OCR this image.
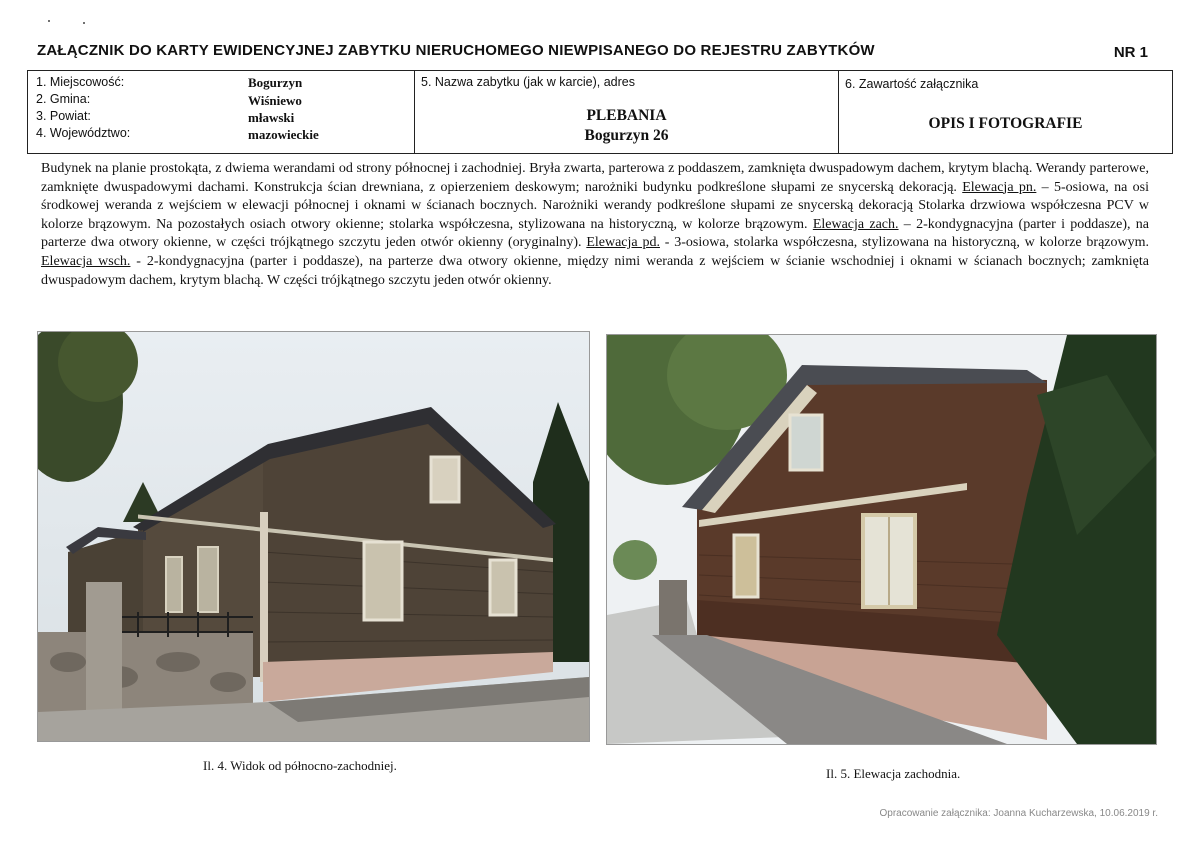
ZAŁĄCZNIK DO KARTY EWIDENCYJNEJ ZABYTKU NIERUCHOMEGO NIEWPISANEGO DO REJESTRU ZABYTKÓW	NR 1
1. Miejscowość:
2. Gmina:
3. Powiat:
4. Województwo:
Bogurzyn
Wiśniewo
mławski
mazowieckie
5. Nazwa zabytku (jak w karcie), adres
PLEBANIA
Bogurzyn 26
6. Zawartość załącznika
OPIS I FOTOGRAFIE
Budynek na planie prostokąta, z dwiema werandami od strony północnej i zachodniej. Bryła zwarta, parterowa z poddaszem, zamknięta dwuspadowym dachem, krytym blachą. Werandy parterowe, zamknięte dwuspadowymi dachami. Konstrukcja ścian drewniana, z opierzeniem deskowym; narożniki budynku podkreślone słupami ze snycerską dekoracją. Elewacja pn. – 5-osiowa, na osi środkowej weranda z wejściem w elewacji północnej i oknami w ścianach bocznych. Narożniki werandy podkreślone słupami ze snycerską dekoracją Stolarka drzwiowa współczesna PCV w kolorze brązowym. Na pozostałych osiach otwory okienne; stolarka współczesna, stylizowana na historyczną, w kolorze brązowym. Elewacja zach. – 2-kondygnacyjna (parter i poddasze), na parterze dwa otwory okienne, w części trójkątnego szczytu jeden otwór okienny (oryginalny). Elewacja pd. - 3-osiowa, stolarka współczesna, stylizowana na historyczną, w kolorze brązowym. Elewacja wsch. - 2-kondygnacyjna (parter i poddasze), na parterze dwa otwory okienne, między nimi weranda z wejściem w ścianie wschodniej i oknami w ścianach bocznych; zamknięta dwuspadowym dachem, krytym blachą. W części trójkątnego szczytu jeden otwór okienny.
Il. 4. Widok od północno-zachodniej.
Il. 5. Elewacja zachodnia.
Opracowanie załącznika: Joanna Kucharzewska, 10.06.2019 r.
